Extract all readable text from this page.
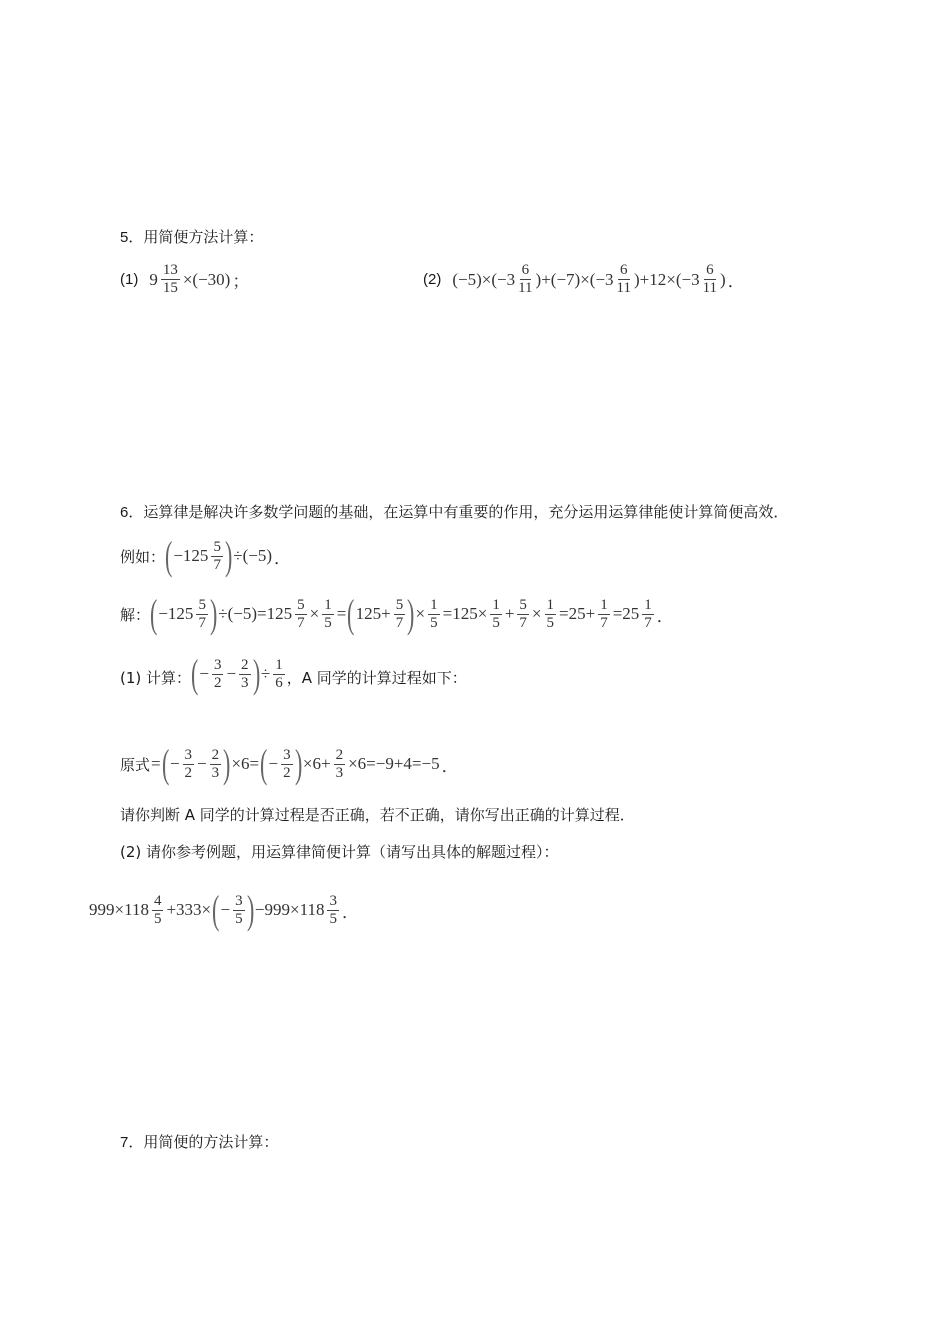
5．用简便方法计算：
(1) $9 \frac{13}{15} \times(-30)$ ；	(2) $(-5)\times(-3 \frac{6}{11} )+(-7)\times(-3 \frac{6}{11} )+12\times(-3 \frac{6}{11}$ ) ．
6．运算律是解决许多数学问题的基础，在运算中有重要的作用，充分运用运算律能使计算简便高效．
例如： ( $-125 \frac{5}{7}$ ) ÷(−5) ．
解： ( $-125 \frac{5}{7}$ ) $\div(-5)=125 \frac{5}{7} \times \frac{1}{5}$ = ( $125+ \frac{5}{7}$ ) × $\frac{1}{5} =125\times \frac{1}{5} + \frac{5}{7} \times \frac{1}{5} =25+ \frac{1}{7} =25 \frac{1}{7}$ ．
(1) 计算： ( − $\frac{3}{2} - \frac{2}{3}$ ) ÷ $\frac{1}{6}$ ，A 同学的计算过程如下：
原式 = ( − $\frac{3}{2} - \frac{2}{3}$ ) ×6= ( − $\frac{3}{2}$ ) $\times 6+ \frac{2}{3} \times 6=-9+4=-5$ ．
请你判断 A 同学的计算过程是否正确，若不正确，请你写出正确的计算过程．
(2) 请你参考例题，用运算律简便计算（请写出具体的解题过程）：
$999\times 118 \frac{4}{5} +333\times$ ( − $\frac{3}{5}$ ) $-999\times 118 \frac{3}{5}$ ．
7．用简便的方法计算：
